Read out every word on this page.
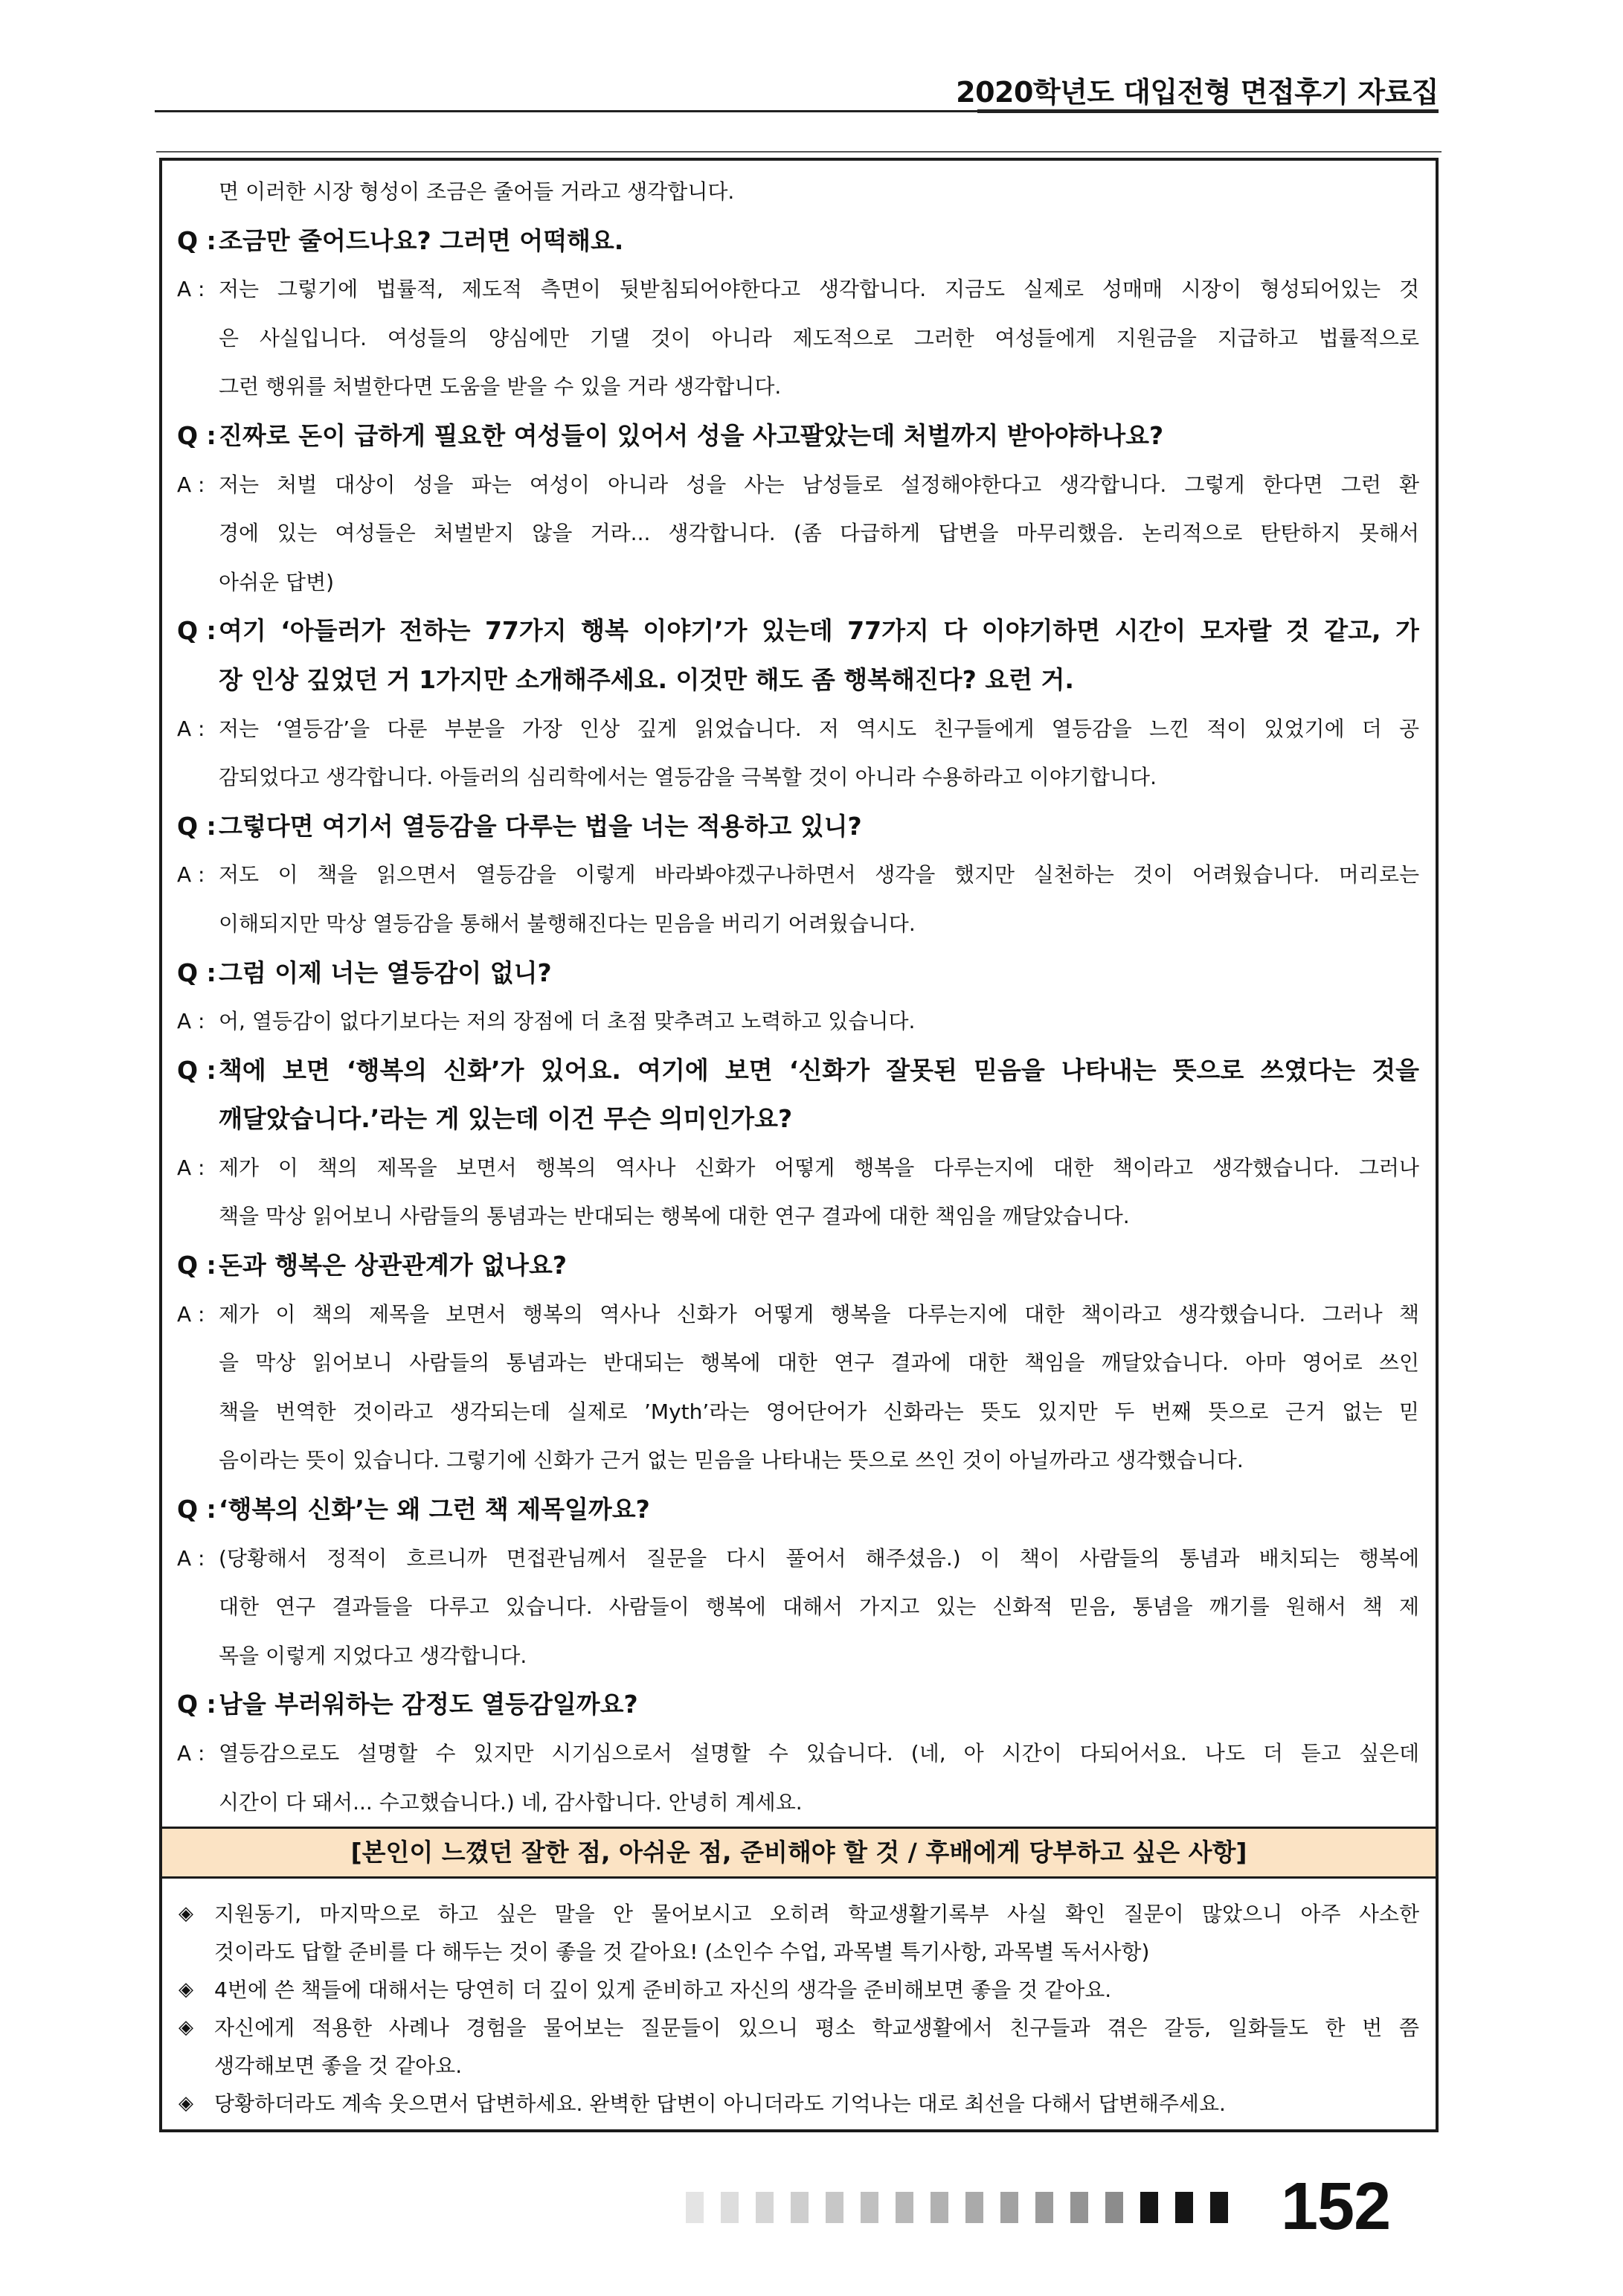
2020학년도 대입전형 면접후기 자료집
면 이러한 시장 형성이 조금은 줄어들 거라고 생각합니다.
Q : 조금만 줄어드나요? 그러면 어떡해요.
A : 저는 그렇기에 법률적, 제도적 측면이 뒷받침되어야한다고 생각합니다. 지금도 실제로 성매매 시장이 형성되어있는 것
은 사실입니다. 여성들의 양심에만 기댈 것이 아니라 제도적으로 그러한 여성들에게 지원금을 지급하고 법률적으로
그런 행위를 처벌한다면 도움을 받을 수 있을 거라 생각합니다.
Q : 진짜로 돈이 급하게 필요한 여성들이 있어서 성을 사고팔았는데 처벌까지 받아야하나요?
A : 저는 처벌 대상이 성을 파는 여성이 아니라 성을 사는 남성들로 설정해야한다고 생각합니다. 그렇게 한다면 그런 환
경에 있는 여성들은 처벌받지 않을 거라... 생각합니다. (좀 다급하게 답변을 마무리했음. 논리적으로 탄탄하지 못해서
아쉬운 답변)
Q : 여기 ‘아들러가 전하는 77가지 행복 이야기’가 있는데 77가지 다 이야기하면 시간이 모자랄 것 같고, 가
장 인상 깊었던 거 1가지만 소개해주세요. 이것만 해도 좀 행복해진다? 요런 거.
A : 저는 ‘열등감’을 다룬 부분을 가장 인상 깊게 읽었습니다. 저 역시도 친구들에게 열등감을 느낀 적이 있었기에 더 공
감되었다고 생각합니다. 아들러의 심리학에서는 열등감을 극복할 것이 아니라 수용하라고 이야기합니다.
Q : 그렇다면 여기서 열등감을 다루는 법을 너는 적용하고 있니?
A : 저도 이 책을 읽으면서 열등감을 이렇게 바라봐야겠구나하면서 생각을 했지만 실천하는 것이 어려웠습니다. 머리로는
이해되지만 막상 열등감을 통해서 불행해진다는 믿음을 버리기 어려웠습니다.
Q : 그럼 이제 너는 열등감이 없니?
A : 어, 열등감이 없다기보다는 저의 장점에 더 초점 맞추려고 노력하고 있습니다.
Q : 책에 보면 ‘행복의 신화’가 있어요. 여기에 보면 ‘신화가 잘못된 믿음을 나타내는 뜻으로 쓰였다는 것을
깨달았습니다.’라는 게 있는데 이건 무슨 의미인가요?
A : 제가 이 책의 제목을 보면서 행복의 역사나 신화가 어떻게 행복을 다루는지에 대한 책이라고 생각했습니다. 그러나
책을 막상 읽어보니 사람들의 통념과는 반대되는 행복에 대한 연구 결과에 대한 책임을 깨달았습니다.
Q : 돈과 행복은 상관관계가 없나요?
A : 제가 이 책의 제목을 보면서 행복의 역사나 신화가 어떻게 행복을 다루는지에 대한 책이라고 생각했습니다. 그러나 책
을 막상 읽어보니 사람들의 통념과는 반대되는 행복에 대한 연구 결과에 대한 책임을 깨달았습니다. 아마 영어로 쓰인
책을 번역한 것이라고 생각되는데 실제로 ’Myth’라는 영어단어가 신화라는 뜻도 있지만 두 번째 뜻으로 근거 없는 믿
음이라는 뜻이 있습니다. 그렇기에 신화가 근거 없는 믿음을 나타내는 뜻으로 쓰인 것이 아닐까라고 생각했습니다.
Q : ‘행복의 신화’는 왜 그런 책 제목일까요?
A : (당황해서 정적이 흐르니까 면접관님께서 질문을 다시 풀어서 해주셨음.) 이 책이 사람들의 통념과 배치되는 행복에
대한 연구 결과들을 다루고 있습니다. 사람들이 행복에 대해서 가지고 있는 신화적 믿음, 통념을 깨기를 원해서 책 제
목을 이렇게 지었다고 생각합니다.
Q : 남을 부러워하는 감정도 열등감일까요?
A : 열등감으로도 설명할 수 있지만 시기심으로서 설명할 수 있습니다. (네, 아 시간이 다되어서요. 나도 더 듣고 싶은데
시간이 다 돼서... 수고했습니다.) 네, 감사합니다. 안녕히 계세요.
[본인이 느꼈던 잘한 점, 아쉬운 점, 준비해야 할 것 / 후배에게 당부하고 싶은 사항]
◈	지원동기, 마지막으로 하고 싶은 말을 안 물어보시고 오히려 학교생활기록부 사실 확인 질문이 많았으니 아주 사소한
것이라도 답할 준비를 다 해두는 것이 좋을 것 같아요! (소인수 수업, 과목별 특기사항, 과목별 독서사항)
◈	4번에 쓴 책들에 대해서는 당연히 더 깊이 있게 준비하고 자신의 생각을 준비해보면 좋을 것 같아요.
◈	자신에게 적용한 사례나 경험을 물어보는 질문들이 있으니 평소 학교생활에서 친구들과 겪은 갈등, 일화들도 한 번 쯤
생각해보면 좋을 것 같아요.
◈	당황하더라도 계속 웃으면서 답변하세요. 완벽한 답변이 아니더라도 기억나는 대로 최선을 다해서 답변해주세요.
152
